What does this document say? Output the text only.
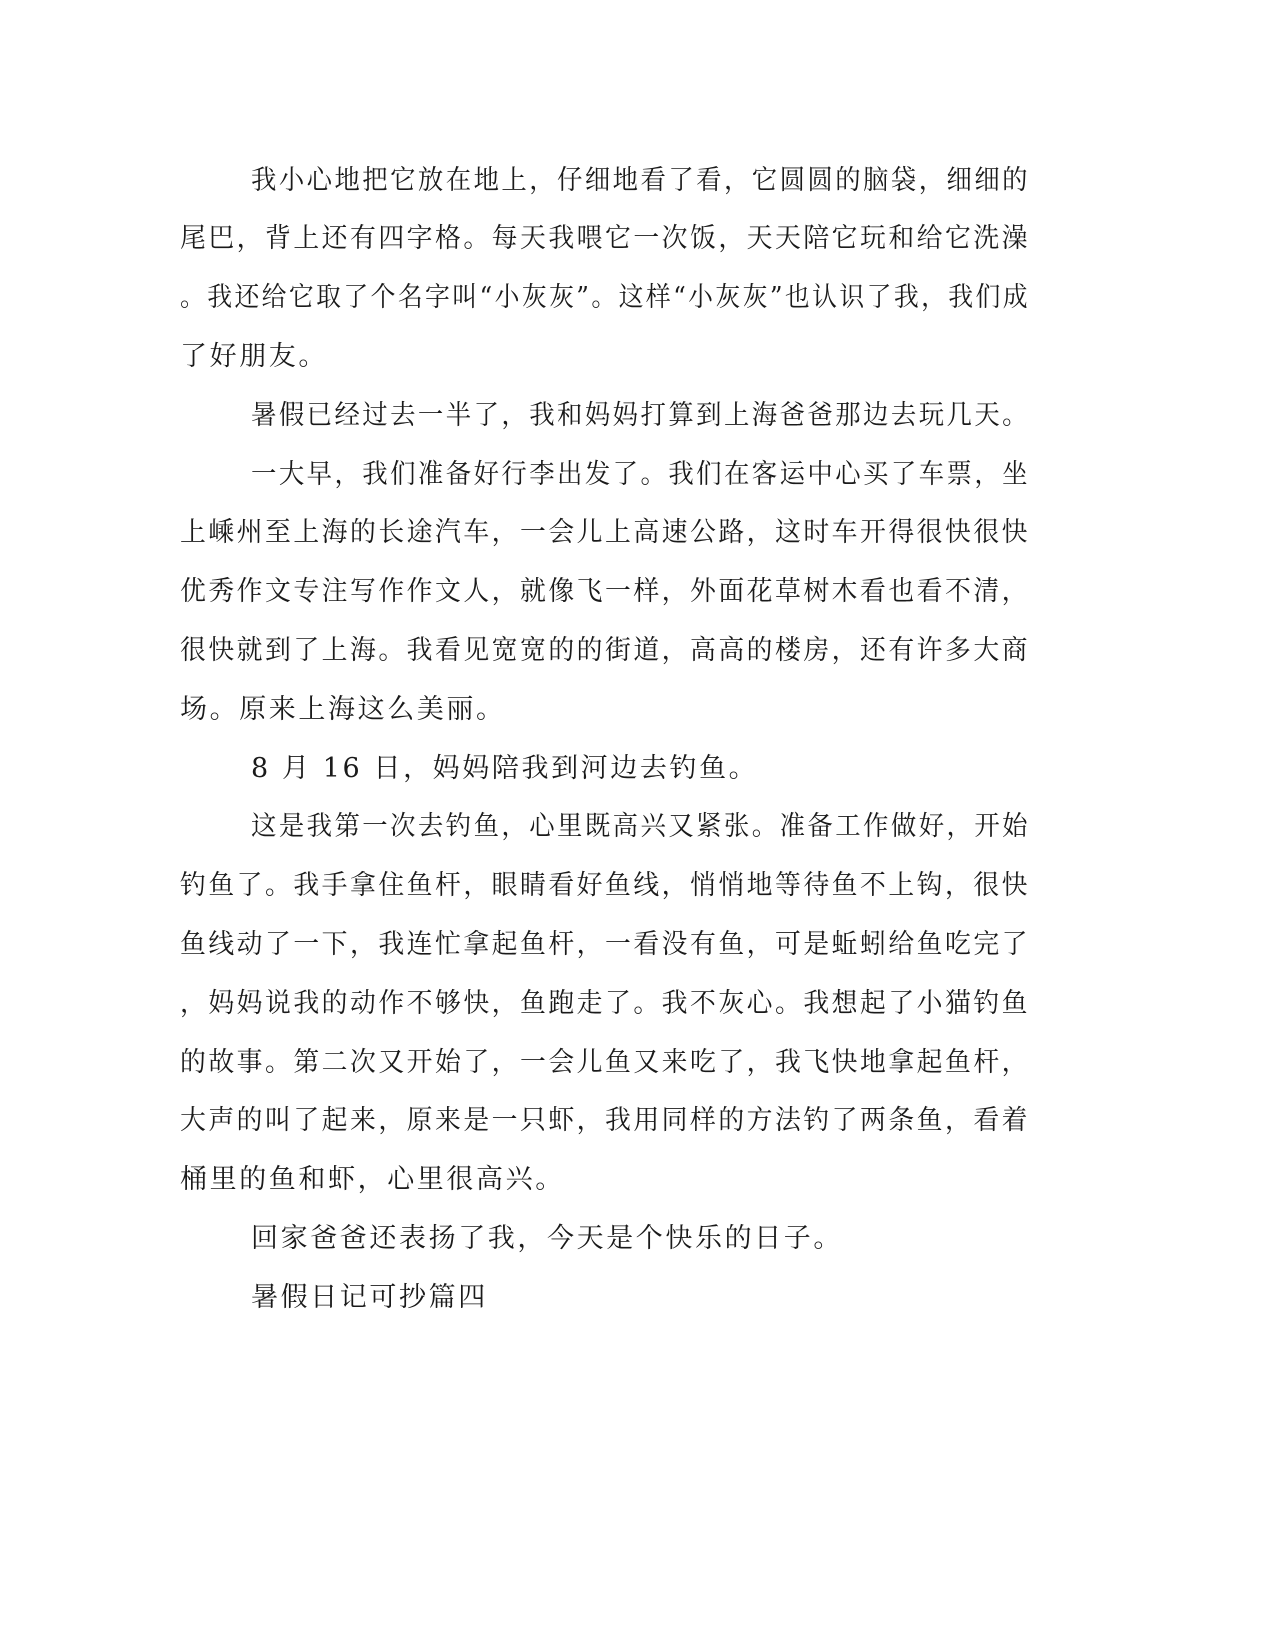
我小心地把它放在地上，仔细地看了看，它圆圆的脑袋，细细的
尾巴，背上还有四字格。每天我喂它一次饭，天天陪它玩和给它洗澡
。我还给它取了个名字叫“小灰灰”。这样“小灰灰”也认识了我，我们成
了好朋友。
暑假已经过去一半了，我和妈妈打算到上海爸爸那边去玩几天。
一大早，我们准备好行李出发了。我们在客运中心买了车票，坐
上嵊州至上海的长途汽车，一会儿上高速公路，这时车开得很快很快
优秀作文专注写作作文人，就像飞一样，外面花草树木看也看不清，
很快就到了上海。我看见宽宽的的街道，高高的楼房，还有许多大商
场。原来上海这么美丽。
8 月 16 日，妈妈陪我到河边去钓鱼。
这是我第一次去钓鱼，心里既高兴又紧张。准备工作做好，开始
钓鱼了。我手拿住鱼杆，眼睛看好鱼线，悄悄地等待鱼不上钩，很快
鱼线动了一下，我连忙拿起鱼杆，一看没有鱼，可是蚯蚓给鱼吃完了
，妈妈说我的动作不够快，鱼跑走了。我不灰心。我想起了小猫钓鱼
的故事。第二次又开始了，一会儿鱼又来吃了，我飞快地拿起鱼杆，
大声的叫了起来，原来是一只虾，我用同样的方法钓了两条鱼，看着
桶里的鱼和虾，心里很高兴。
回家爸爸还表扬了我，今天是个快乐的日子。
暑假日记可抄篇四
